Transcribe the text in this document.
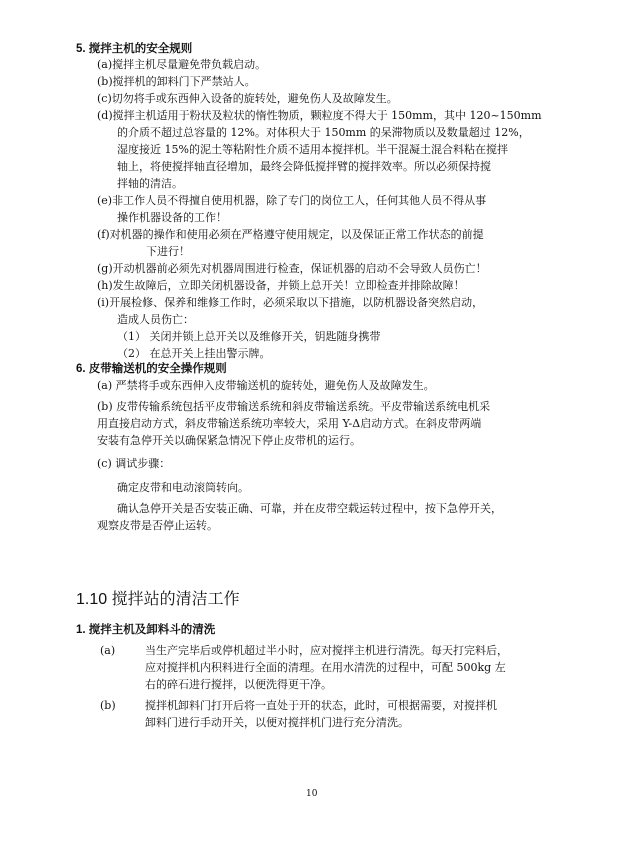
5. 搅拌主机的安全规则
(a)搅拌主机尽量避免带负载启动。
(b)搅拌机的卸料门下严禁站人。
(c)切勿将手或东西伸入设备的旋转处，避免伤人及故障发生。
(d)搅拌主机适用于粉状及粒状的惰性物质，颗粒度不得大于 150mm，其中 120~150mm
的介质不超过总容量的 12%。对体积大于 150mm 的呆滞物质以及数量超过 12%，
湿度接近 15%的泥土等粘附性介质不适用本搅拌机。半干混凝土混合料粘在搅拌
轴上，将使搅拌轴直径增加，最终会降低搅拌臂的搅拌效率。所以必须保持搅
拌轴的清洁。
(e)非工作人员不得擅自使用机器，除了专门的岗位工人，任何其他人员不得从事
操作机器设备的工作！
(f)对机器的操作和使用必须在严格遵守使用规定，以及保证正常工作状态的前提
下进行！
(g)开动机器前必须先对机器周围进行检查，保证机器的启动不会导致人员伤亡！
(h)发生故障后，立即关闭机器设备，并锁上总开关！立即检查并排除故障！
(i)开展检修、保养和维修工作时，必须采取以下措施，以防机器设备突然启动，
造成人员伤亡：
（1） 关闭并锁上总开关以及维修开关，钥匙随身携带
（2） 在总开关上挂出警示牌。
6. 皮带输送机的安全操作规则
(a) 严禁将手或东西伸入皮带输送机的旋转处，避免伤人及故障发生。
(b) 皮带传输系统包括平皮带输送系统和斜皮带输送系统。平皮带输送系统电机采
用直接启动方式，斜皮带输送系统功率较大，采用 Y-Δ启动方式。在斜皮带两端
安装有急停开关以确保紧急情况下停止皮带机的运行。
(c) 调试步骤：
确定皮带和电动滚筒转向。
确认急停开关是否安装正确、可靠，并在皮带空载运转过程中，按下急停开关，
观察皮带是否停止运转。
1.10 搅拌站的清洁工作
1. 搅拌主机及卸料斗的清洗
(a)	当生产完毕后或停机超过半小时，应对搅拌主机进行清洗。每天打完料后，
应对搅拌机内积料进行全面的清理。在用水清洗的过程中，可配 500kg 左
右的碎石进行搅拌，以便洗得更干净。
(b)	搅拌机卸料门打开后将一直处于开的状态，此时，可根据需要，对搅拌机
卸料门进行手动开关，以便对搅拌机门进行充分清洗。
10
